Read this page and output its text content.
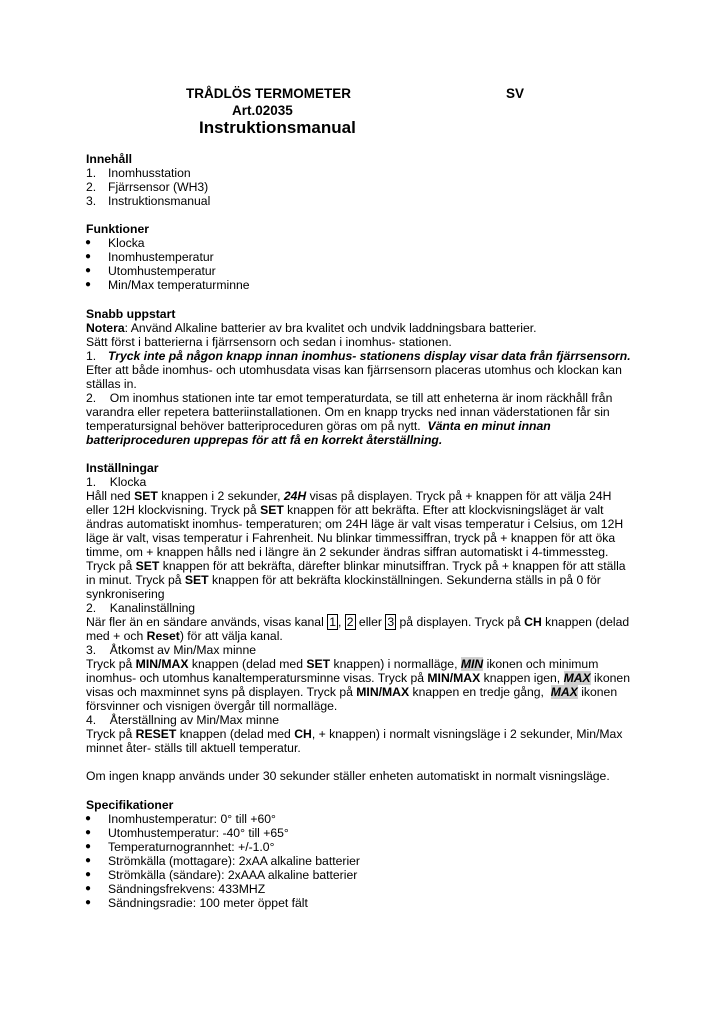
TRÅDLÖS TERMOMETER	SV
Art.02035
Instruktionsmanual
Innehåll
1. Inomhusstation
2. Fjärrsensor (WH3)
3. Instruktionsmanual
Funktioner
● Klocka
● Inomhustemperatur
● Utomhustemperatur
● Min/Max temperaturminne
Snabb uppstart
Notera: Använd Alkaline batterier av bra kvalitet och undvik laddningsbara batterier.
Sätt först i batterierna i fjärrsensorn och sedan i inomhus- stationen.
1. Tryck inte på någon knapp innan inomhus- stationens display visar data från fjärrsensorn.
Efter att både inomhus- och utomhusdata visas kan fjärrsensorn placeras utomhus och klockan kan
ställas in.
2.    Om inomhus stationen inte tar emot temperaturdata, se till att enheterna är inom räckhåll från
varandra eller repetera batteriinstallationen. Om en knapp trycks ned innan väderstationen får sin
temperatursignal behöver batteriproceduren göras om på nytt.  Vänta en minut innan
batteriproceduren upprepas för att få en korrekt återställning.
Inställningar
1.    Klocka
Håll ned SET knappen i 2 sekunder, 24H visas på displayen. Tryck på + knappen för att välja 24H
eller 12H klockvisning. Tryck på SET knappen för att bekräfta. Efter att klockvisningsläget är valt
ändras automatiskt inomhus- temperaturen; om 24H läge är valt visas temperatur i Celsius, om 12H
läge är valt, visas temperatur i Fahrenheit. Nu blinkar timmessiffran, tryck på + knappen för att öka
timme, om + knappen hålls ned i längre än 2 sekunder ändras siffran automatiskt i 4-timmessteg.
Tryck på SET knappen för att bekräfta, därefter blinkar minutsiffran. Tryck på + knappen för att ställa
in minut. Tryck på SET knappen för att bekräfta klockinställningen. Sekunderna ställs in på 0 för
synkronisering
2.    Kanalinställning
När fler än en sändare används, visas kanal 1 , 2 eller 3 på displayen. Tryck på CH knappen (delad
med + och Reset) för att välja kanal.
3.    Åtkomst av Min/Max minne
Tryck på MIN/MAX knappen (delad med SET knappen) i normalläge, MIN ikonen och minimum
inomhus- och utomhus kanaltemperatursminne visas. Tryck på MIN/MAX knappen igen, MAX ikonen
visas och maxminnet syns på displayen. Tryck på MIN/MAX knappen en tredje gång,  MAX ikonen
försvinner och visnigen övergår till normalläge.
4.    Återställning av Min/Max minne
Tryck på RESET knappen (delad med CH, + knappen) i normalt visningsläge i 2 sekunder, Min/Max
minnet åter- ställs till aktuell temperatur.
Om ingen knapp används under 30 sekunder ställer enheten automatiskt in normalt visningsläge.
Specifikationer
● Inomhustemperatur: 0° till +60°
● Utomhustemperatur: -40° till +65°
● Temperaturnogrannhet: +/-1.0°
● Strömkälla (mottagare): 2xAA alkaline batterier
● Strömkälla (sändare): 2xAAA alkaline batterier
● Sändningsfrekvens: 433MHZ
● Sändningsradie: 100 meter öppet fält
